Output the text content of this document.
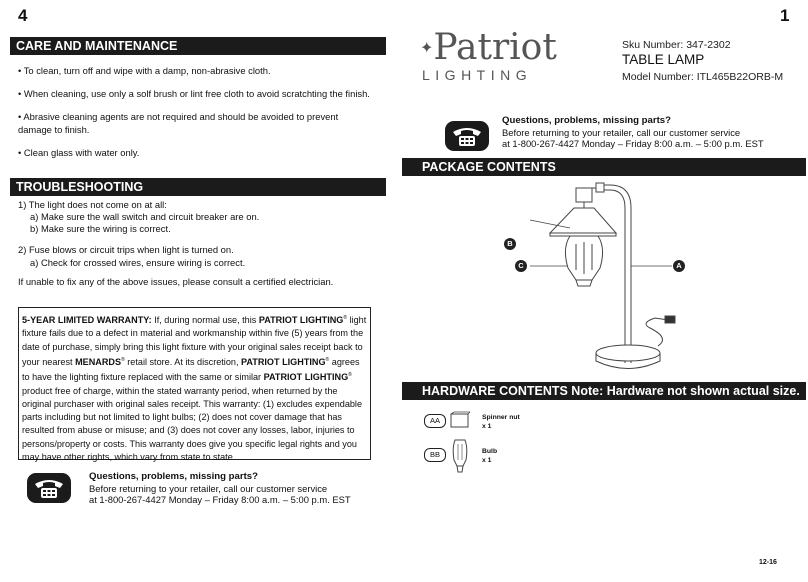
4	1
CARE AND MAINTENANCE
• To clean, turn off and wipe with a damp, non-abrasive cloth.
• When cleaning, use only a solf brush or lint free cloth to avoid scratchting the finish.
• Abrasive cleaning agents are not required and should be avoided to prevent damage to finish.
• Clean glass with water only.
TROUBLESHOOTING
1) The light does not come on at all:
a) Make sure the wall switch and circuit breaker are on.
b) Make sure the wiring is correct.
2) Fuse blows or circuit trips when light is turned on.
a) Check for crossed wires, ensure wiring is correct.
If unable to fix any of the above issues, please consult a certified electrician.
5-YEAR LIMITED WARRANTY: If, during normal use, this PATRIOT LIGHTING® light fixture fails due to a defect in material and workmanship within five (5) years from the date of purchase, simply bring this light fixture with your original sales receipt back to your nearest MENARDS® retail store. At its discretion, PATRIOT LIGHTING® agrees to have the lighting fixture replaced with the same or similar PATRIOT LIGHTING® product free of charge, within the stated warranty period, when returned by the original purchaser with original sales receipt. This warranty: (1) excludes expendable parts including but not limited to light bulbs; (2) does not cover damage that has resulted from abuse or misuse; and (3) does not cover any losses, labor, injuries to persons/property or costs. This warranty does give you specific legal rights and you may have other rights, which vary from state to state.
Questions, problems, missing parts?
Before returning to your retailer, call our customer service
at 1-800-267-4427 Monday – Friday 8:00 a.m. – 5:00 p.m. EST
✦Patriot
LIGHTING
Sku Number: 347-2302
TABLE LAMP
Model Number: ITL465B22ORB-M
Questions, problems, missing parts?
Before returning to your retailer, call our customer service
at 1-800-267-4427 Monday – Friday 8:00 a.m. – 5:00 p.m. EST
PACKAGE CONTENTS
B
C	A
HARDWARE CONTENTS Note: Hardware not shown actual size.
AA	Spinner nut
x 1
BB	Bulb
x 1
12-16
